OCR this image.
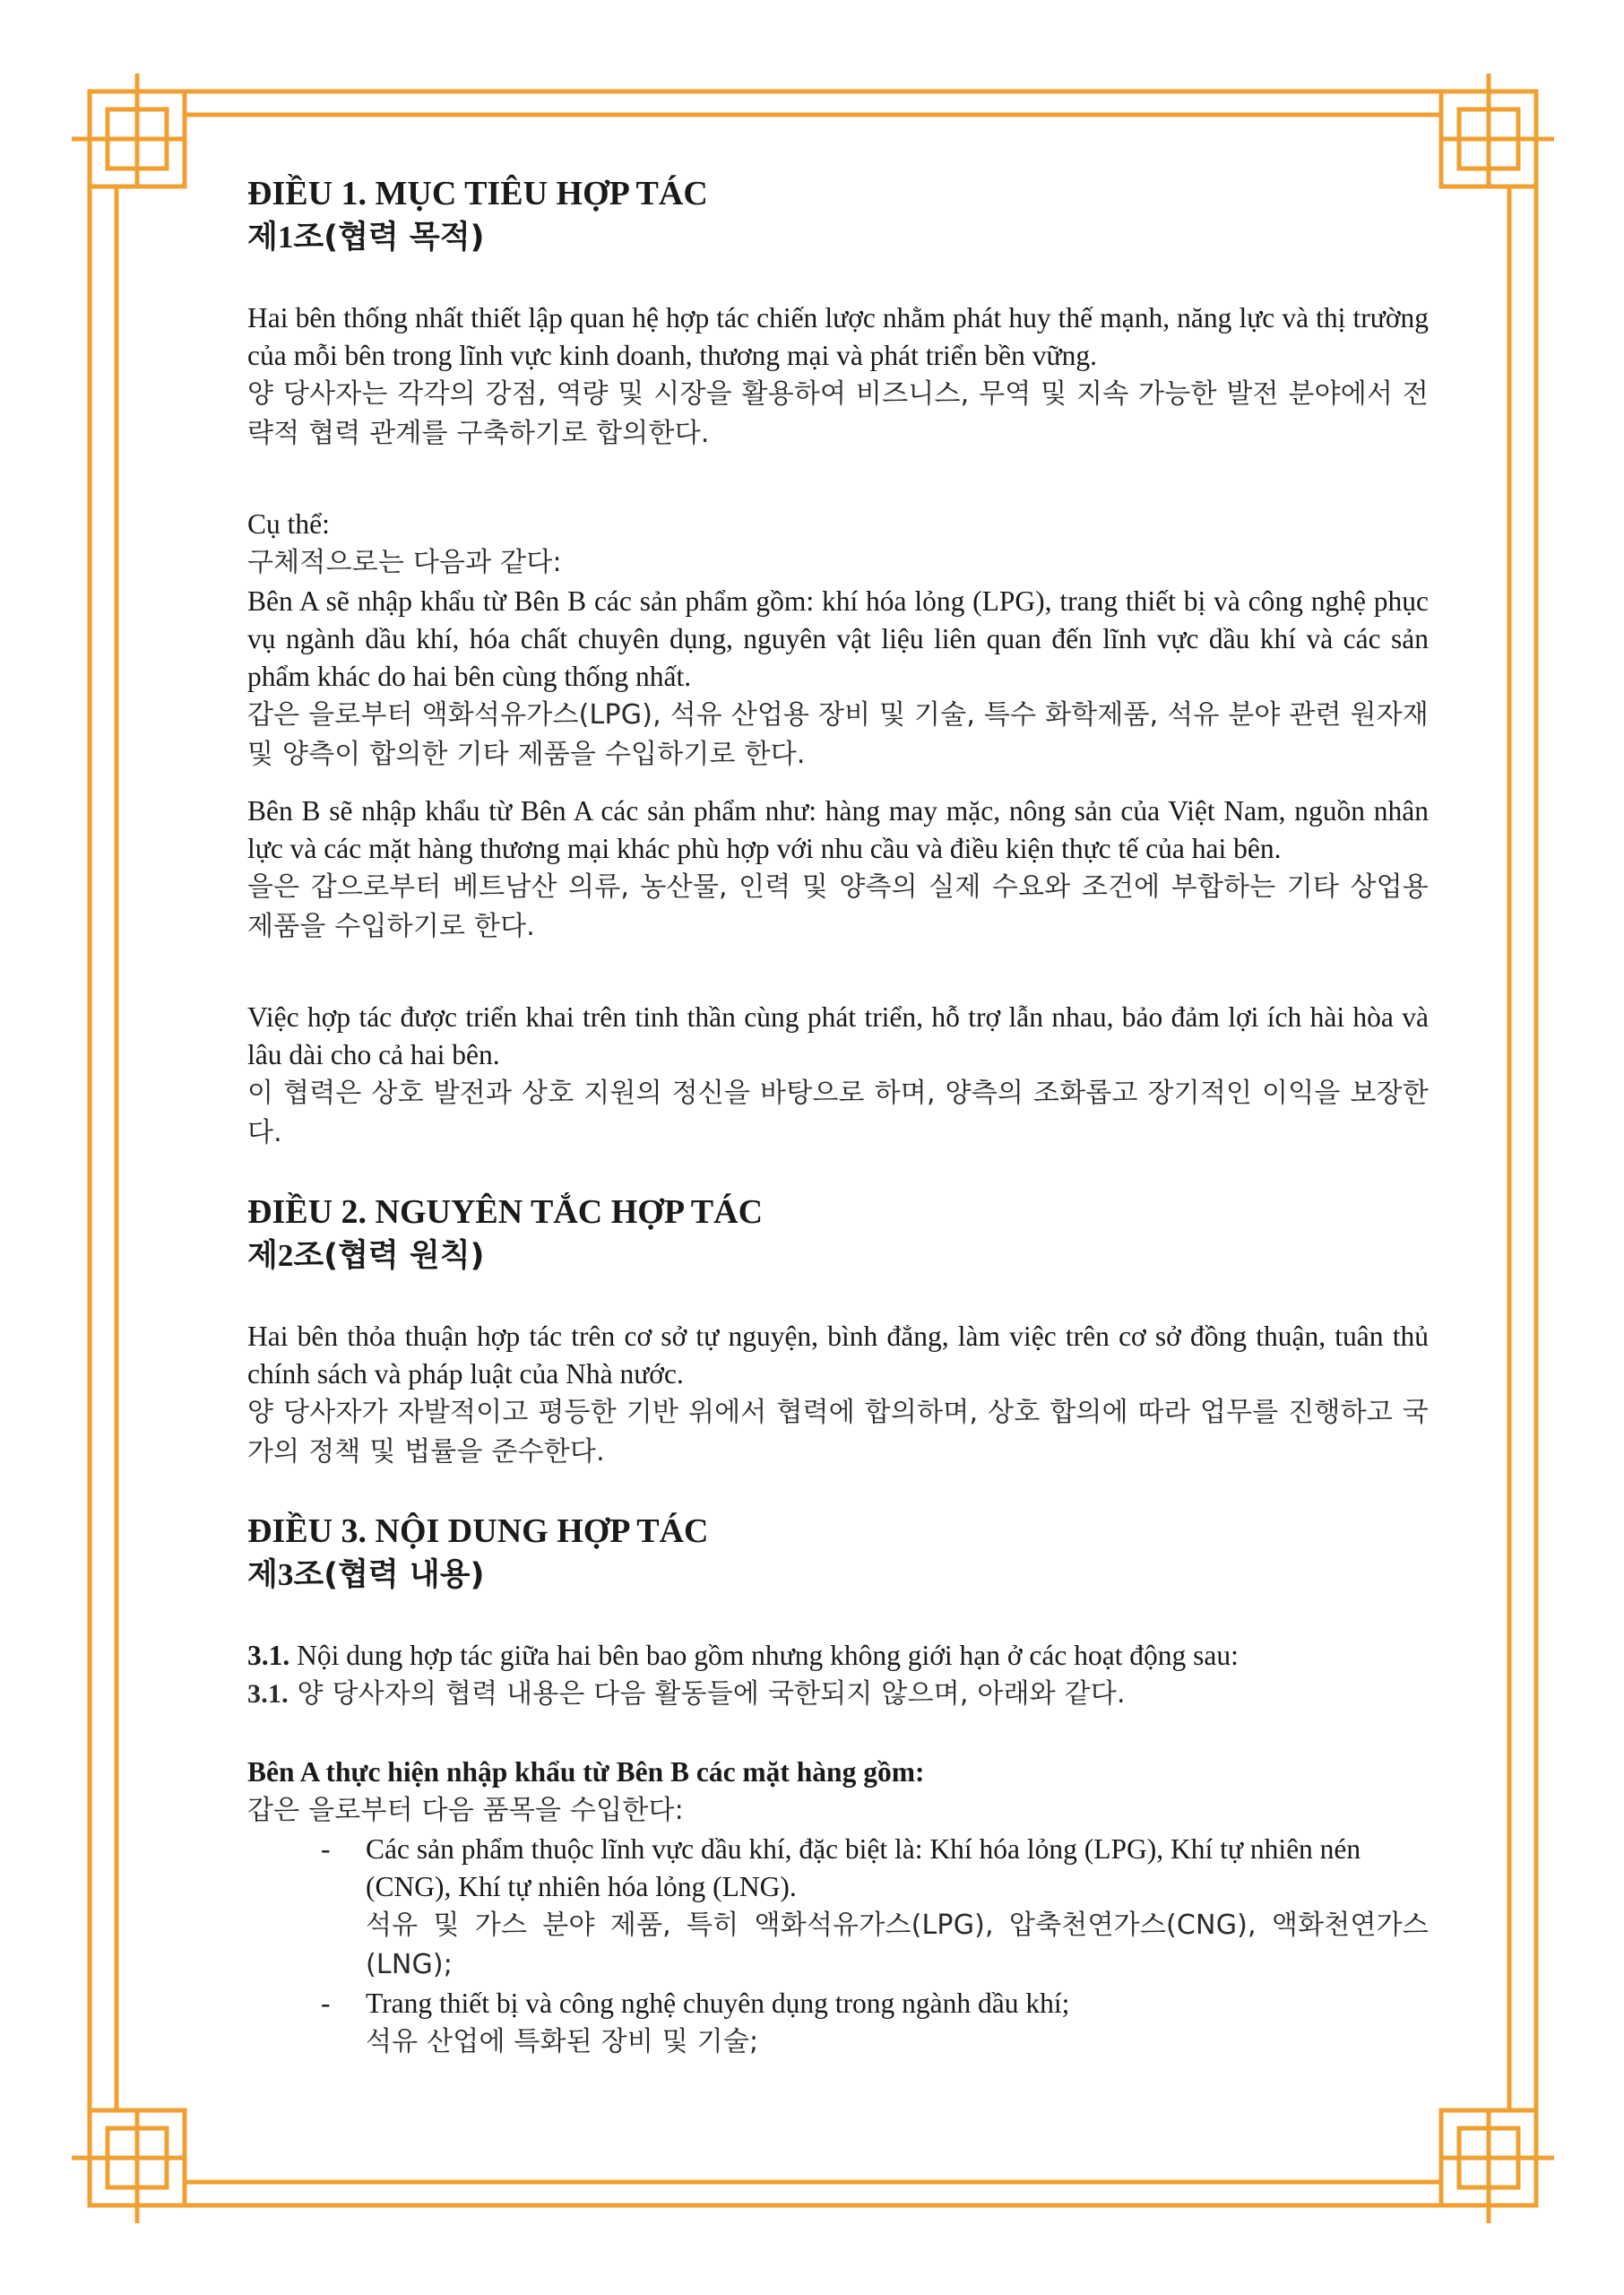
ĐIỀU 1. MỤC TIÊU HỢP TÁC
제1조(협력 목적)

Hai bên thống nhất thiết lập quan hệ hợp tác chiến lược nhằm phát huy thế mạnh, năng lực và thị trường của mỗi bên trong lĩnh vực kinh doanh, thương mại và phát triển bền vững.

양 당사자는 각각의 강점, 역량 및 시장을 활용하여 비즈니스, 무역 및 지속 가능한 발전 분야에서 전략적 협력 관계를 구축하기로 합의한다.

Cụ thể:

구체적으로는 다음과 같다:

Bên A sẽ nhập khẩu từ Bên B các sản phẩm gồm: khí hóa lỏng (LPG), trang thiết bị và công nghệ phục vụ ngành dầu khí, hóa chất chuyên dụng, nguyên vật liệu liên quan đến lĩnh vực dầu khí và các sản phẩm khác do hai bên cùng thống nhất.

갑은 을로부터 액화석유가스(LPG), 석유 산업용 장비 및 기술, 특수 화학제품, 석유 분야 관련 원자재 및 양측이 합의한 기타 제품을 수입하기로 한다.

Bên B sẽ nhập khẩu từ Bên A các sản phẩm như: hàng may mặc, nông sản của Việt Nam, nguồn nhân lực và các mặt hàng thương mại khác phù hợp với nhu cầu và điều kiện thực tế của hai bên.

을은 갑으로부터 베트남산 의류, 농산물, 인력 및 양측의 실제 수요와 조건에 부합하는 기타 상업용 제품을 수입하기로 한다.

Việc hợp tác được triển khai trên tinh thần cùng phát triển, hỗ trợ lẫn nhau, bảo đảm lợi ích hài hòa và lâu dài cho cả hai bên.

이 협력은 상호 발전과 상호 지원의 정신을 바탕으로 하며, 양측의 조화롭고 장기적인 이익을 보장한다.

ĐIỀU 2. NGUYÊN TẮC HỢP TÁC
제2조(협력 원칙)

Hai bên thỏa thuận hợp tác trên cơ sở tự nguyện, bình đẳng, làm việc trên cơ sở đồng thuận, tuân thủ chính sách và pháp luật của Nhà nước.

양 당사자가 자발적이고 평등한 기반 위에서 협력에 합의하며, 상호 합의에 따라 업무를 진행하고 국가의 정책 및 법률을 준수한다.

ĐIỀU 3. NỘI DUNG HỢP TÁC
제3조(협력 내용)

3.1. Nội dung hợp tác giữa hai bên bao gồm nhưng không giới hạn ở các hoạt động sau:

3.1. 양 당사자의 협력 내용은 다음 활동들에 국한되지 않으며, 아래와 같다.

Bên A thực hiện nhập khẩu từ Bên B các mặt hàng gồm:

갑은 을로부터 다음 품목을 수입한다:

- Các sản phẩm thuộc lĩnh vực dầu khí, đặc biệt là: Khí hóa lỏng (LPG), Khí tự nhiên nén (CNG), Khí tự nhiên hóa lỏng (LNG).

석유 및 가스 분야 제품, 특히 액화석유가스(LPG), 압축천연가스(CNG), 액화천연가스(LNG);

- Trang thiết bị và công nghệ chuyên dụng trong ngành dầu khí;

석유 산업에 특화된 장비 및 기술;
